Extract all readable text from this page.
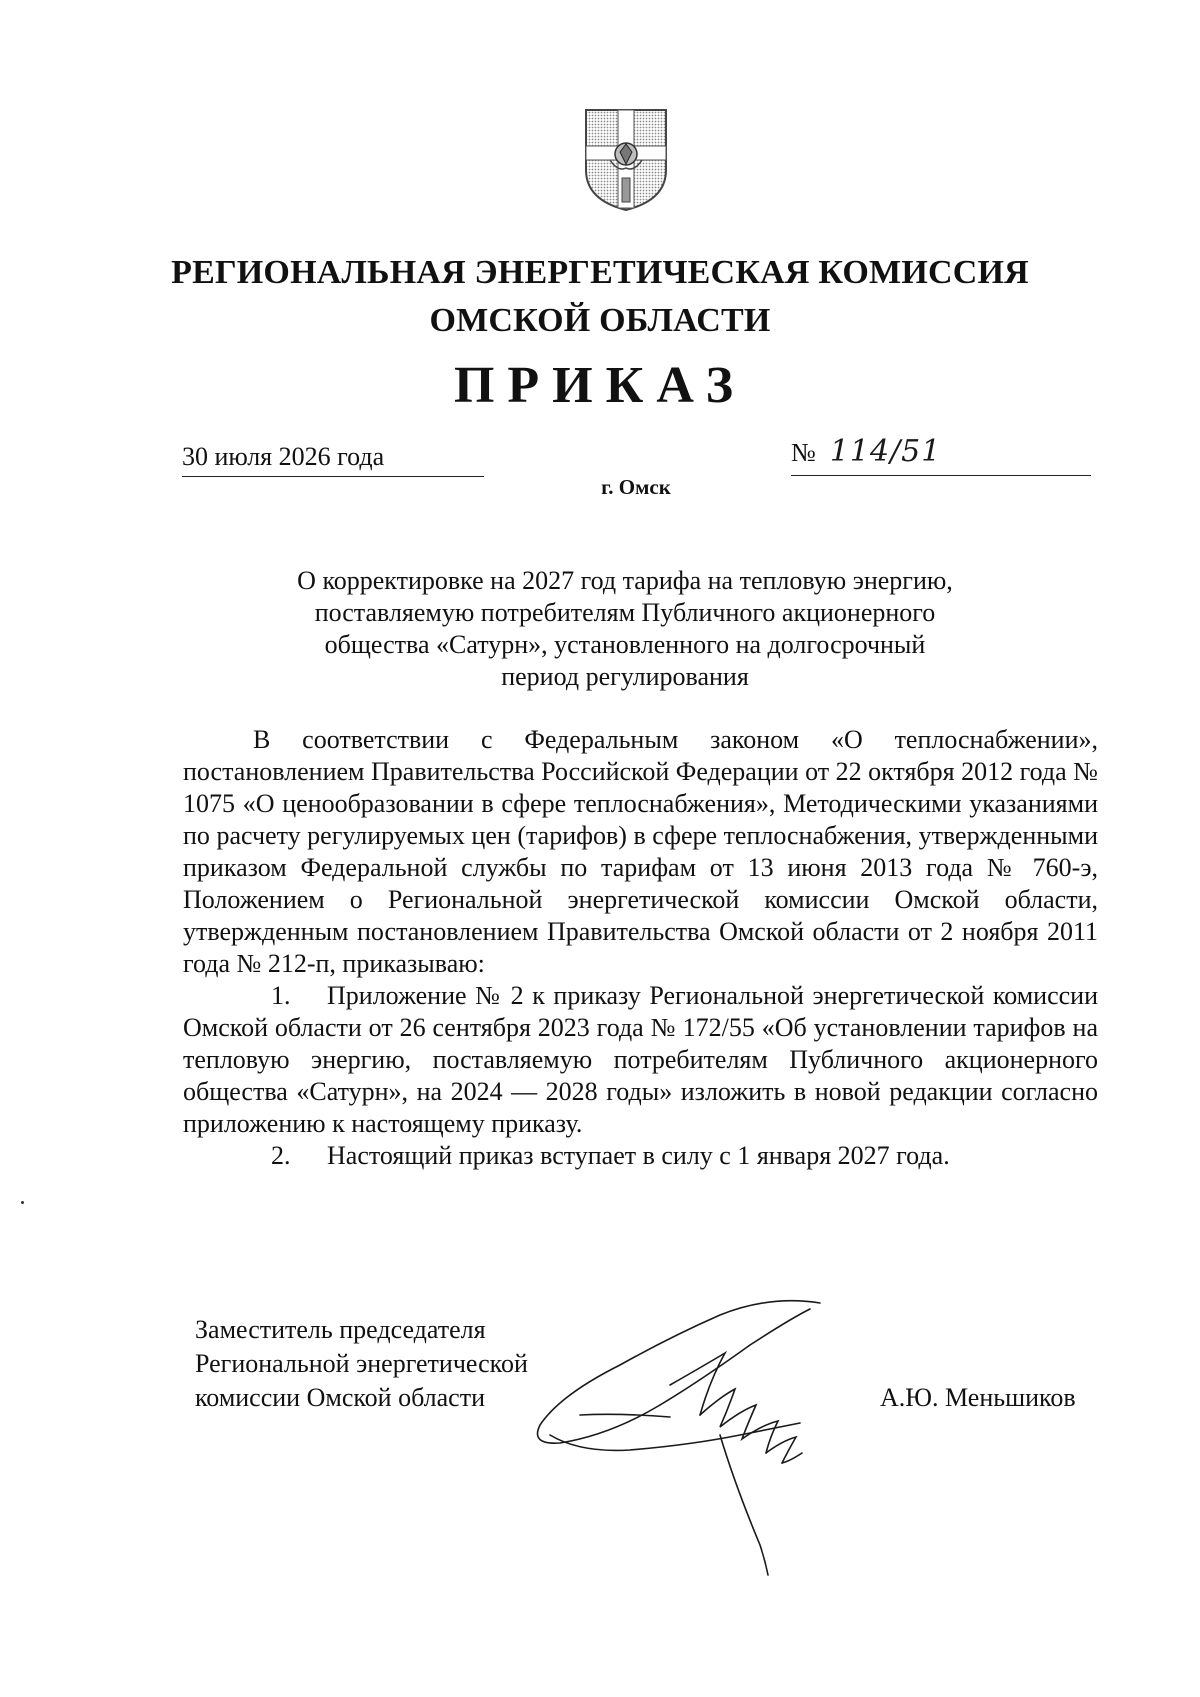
РЕГИОНАЛЬНАЯ ЭНЕРГЕТИЧЕСКАЯ КОМИССИЯ
ОМСКОЙ ОБЛАСТИ
ПРИКАЗ
30 июля 2026 года	№ 114/51
г. Омск
О корректировке на 2027 год тарифа на тепловую энергию,
поставляемую потребителям Публичного акционерного
общества «Сатурн», установленного на долгосрочный
период регулирования

В соответствии с Федеральным законом «О теплоснабжении», постановлением Правительства Российской Федерации от 22 октября 2012 года № 1075 «О ценообразовании в сфере теплоснабжения», Методическими указаниями по расчету регулируемых цен (тарифов) в сфере теплоснабжения, утвержденными приказом Федеральной службы по тарифам от 13 июня 2013 года № 760-э, Положением о Региональной энергетической комиссии Омской области, утвержденным постановлением Правительства Омской области от 2 ноября 2011 года № 212-п, приказываю:

1. Приложение № 2 к приказу Региональной энергетической комиссии Омской области от 26 сентября 2023 года № 172/55 «Об установлении тарифов на тепловую энергию, поставляемую потребителям Публичного акционерного общества «Сатурн», на 2024 — 2028 годы» изложить в новой редакции согласно приложению к настоящему приказу.

2. Настоящий приказ вступает в силу с 1 января 2027 года.

Заместитель председателя
Региональной энергетической
комиссии Омской области	А.Ю. Меньшиков
